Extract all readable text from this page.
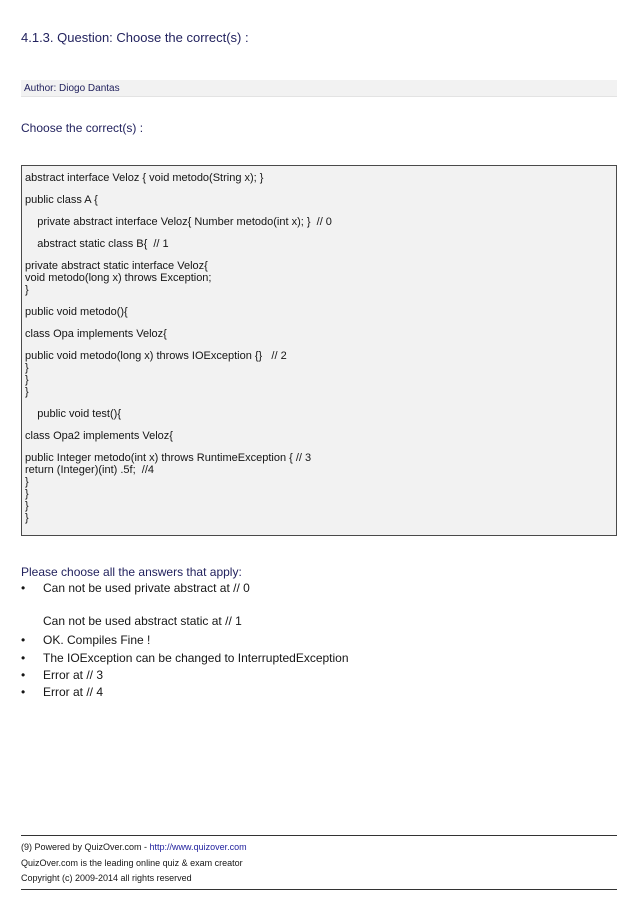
4.1.3. Question: Choose the correct(s) :
Author: Diogo Dantas
Choose the correct(s) :
abstract interface Veloz { void metodo(String x); }
public class A {
private abstract interface Veloz{ Number metodo(int x); }  // 0
abstract static class B{  // 1
private abstract static interface Veloz{
void metodo(long x) throws Exception;
}
public void metodo(){
class Opa implements Veloz{
public void metodo(long x) throws IOException {}   // 2
}
}
}
public void test(){
class Opa2 implements Veloz{
public Integer metodo(int x) throws RuntimeException { // 3
return (Integer)(int) .5f;  //4
}
}
}
}
Please choose all the answers that apply:
• Can not be used private abstract at // 0
Can not be used abstract static at // 1
• OK. Compiles Fine !
• The IOException can be changed to InterruptedException
• Error at // 3
• Error at // 4
(9) Powered by QuizOver.com - http://www.quizover.com
QuizOver.com is the leading online quiz & exam creator
Copyright (c) 2009-2014 all rights reserved
